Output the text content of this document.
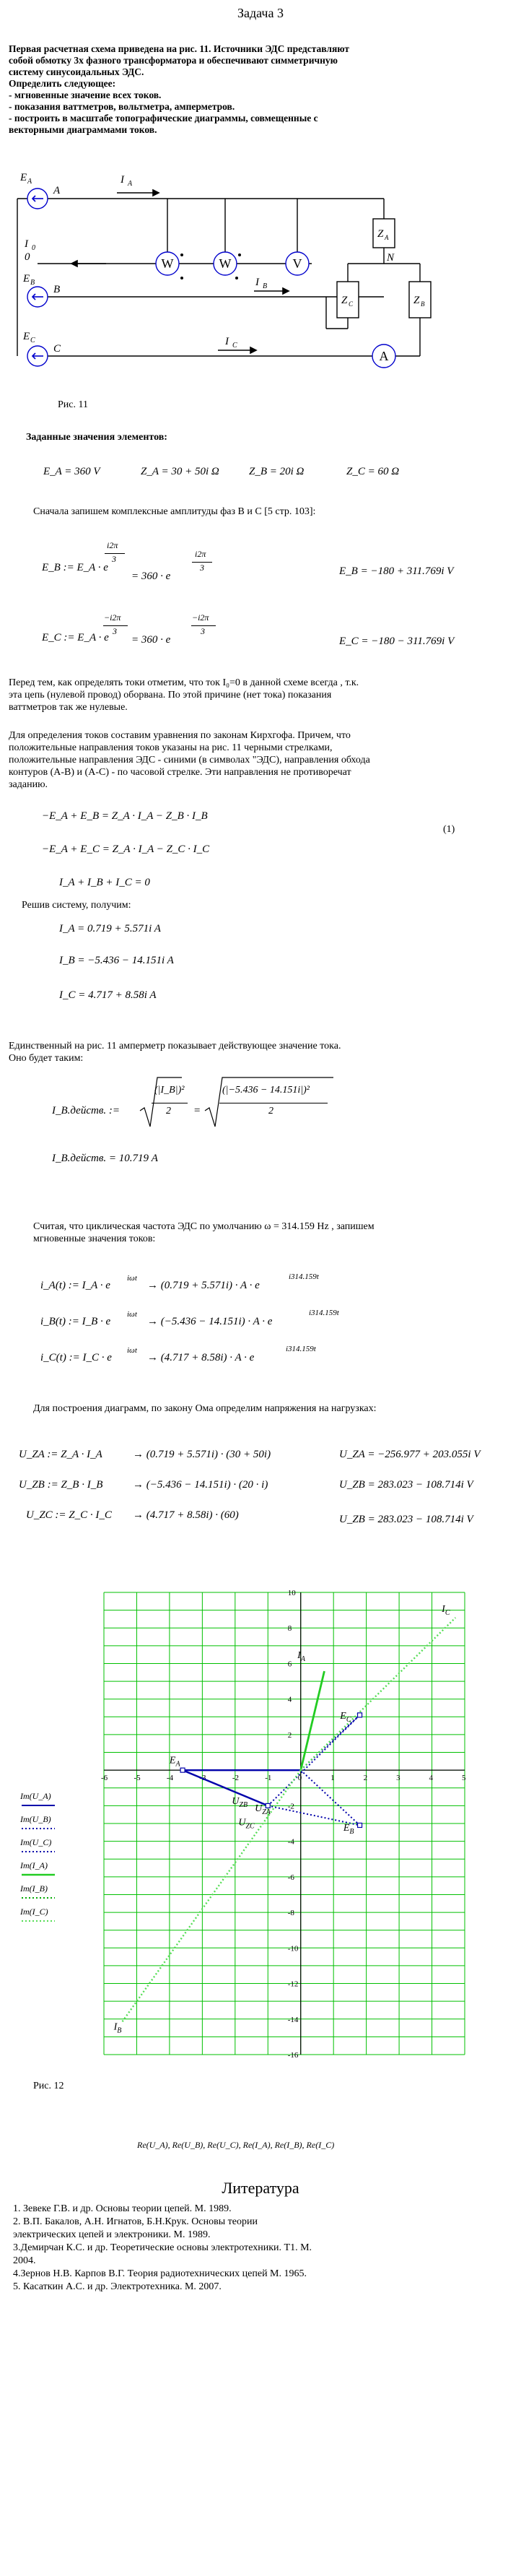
Задача 3
Первая расчетная схема приведена на рис. 11. Источники ЭДС представляют
собой обмотку 3х фазного трансформатора и обеспечивают симметричную
систему синусоидальных ЭДС.
Определить следующее:
- мгновенные значение всех токов.
- показания ваттметров, вольтметра, амперметров.
- построить в масштабе топографические диаграммы, совмещенные с
векторными диаграммами токов.
E A
A
I A
0
I 0
E B
B
E C
C
I B
I C
Z A
Z C	Z B
N
W	W	V
A
Рис. 11
Заданные значения элементов:
E_A = 360 V	Z_A = 30 + 50i Ω	Z_B = 20i Ω	Z_C = 60 Ω
Сначала запишем комплексные амплитуды фаз В и С [5 стр. 103]:
E_B := E_A · e
i2π
3
= 360 · e
i2π
3	E_B = −180 + 311.769i V
E_C := E_A · e
−i2π
3
= 360 · e
−i2π
3
E_C = −180 − 311.769i V
Перед тем, как определять токи отметим, что ток I₀=0 в данной схеме всегда , т.к.
эта цепь (нулевой провод) оборвана. По этой причине (нет тока) показания
ваттметров так же нулевые.
Для определения токов составим уравнения по законам Кирхгофа. Причем, что
положительные направления токов указаны на рис. 11 черными стрелками,
положительные направления ЭДС - синими (в символах "ЭДС), направления обхода
контуров (А-В) и (А-С) - по часовой стрелке. Эти направления не противоречат
заданию.
−E_A + E_B = Z_A · I_A − Z_B · I_B
−E_A + E_C = Z_A · I_A − Z_C · I_C
I_A + I_B + I_C = 0
(1)
Решив систему, получим:
I_A = 0.719 + 5.571i A
I_B = −5.436 − 14.151i A
I_C = 4.717 + 8.58i A
Единственный на рис. 11 амперметр показывает действующее значение тока.
Оно будет таким:
I_B.действ. :=
(|I_B|)²
2 =
(|−5.436 − 14.151i|)²
2
I_B.действ. = 10.719 A
Считая, что циклическая частота ЭДС по умолчанию ω = 314.159 Hz , запишем
мгновенные значения токов:
i_A(t) := I_A · e
iωt
→ (0.719 + 5.571i) · A · e
i314.159t
i_B(t) := I_B · e
iωt
→ (−5.436 − 14.151i) · A · e
i314.159t
i_C(t) := I_C · e
iωt
→ (4.717 + 8.58i) · A · e
i314.159t
Для построения диаграмм, по закону Ома определим напряжения на нагрузках:
U_ZA := Z_A · I_A	→ (0.719 + 5.571i) · (30 + 50i)	U_ZA = −256.977 + 203.055i V
U_ZB := Z_B · I_B	→ (−5.436 − 14.151i) · (20 · i)	U_ZB = 283.023 − 108.714i V
U_ZC := Z_C · I_C → (4.717 + 8.58i) · (60)	U_ZB = 283.023 − 108.714i V
-6	-5	-4	-3	-2	-1	0	1	2	3	4	5
10
8
6
4
2
-2
-4
-6
-8
-10
-12
-14
-16
$E_A$
$E_B$
$E_C$
$I_A$
$I_B$
$I_C$
$U_{ZB}$ $U_{ZA}$
$U_{ZC}$
Im(U_A)
Im(U_B)
Im(U_C)
Im(I_A)
Im(I_B)
Im(I_C)
Рис. 12
Re(U_A), Re(U_B), Re(U_C), Re(I_A), Re(I_B), Re(I_C)
Литература
1. Зевеке Г.В. и др. Основы теории цепей. М. 1989.
2. В.П. Бакалов, А.Н. Игнатов, Б.Н.Крук. Основы теории
электрических цепей и электроники. М. 1989.
3.Демирчан К.С. и др. Теоретические основы электротехники. Т1. М.
2004.
4.Зернов Н.В. Карпов В.Г. Теория радиотехнических цепей М. 1965.
5. Касаткин А.С. и др. Электротехника. М. 2007.
